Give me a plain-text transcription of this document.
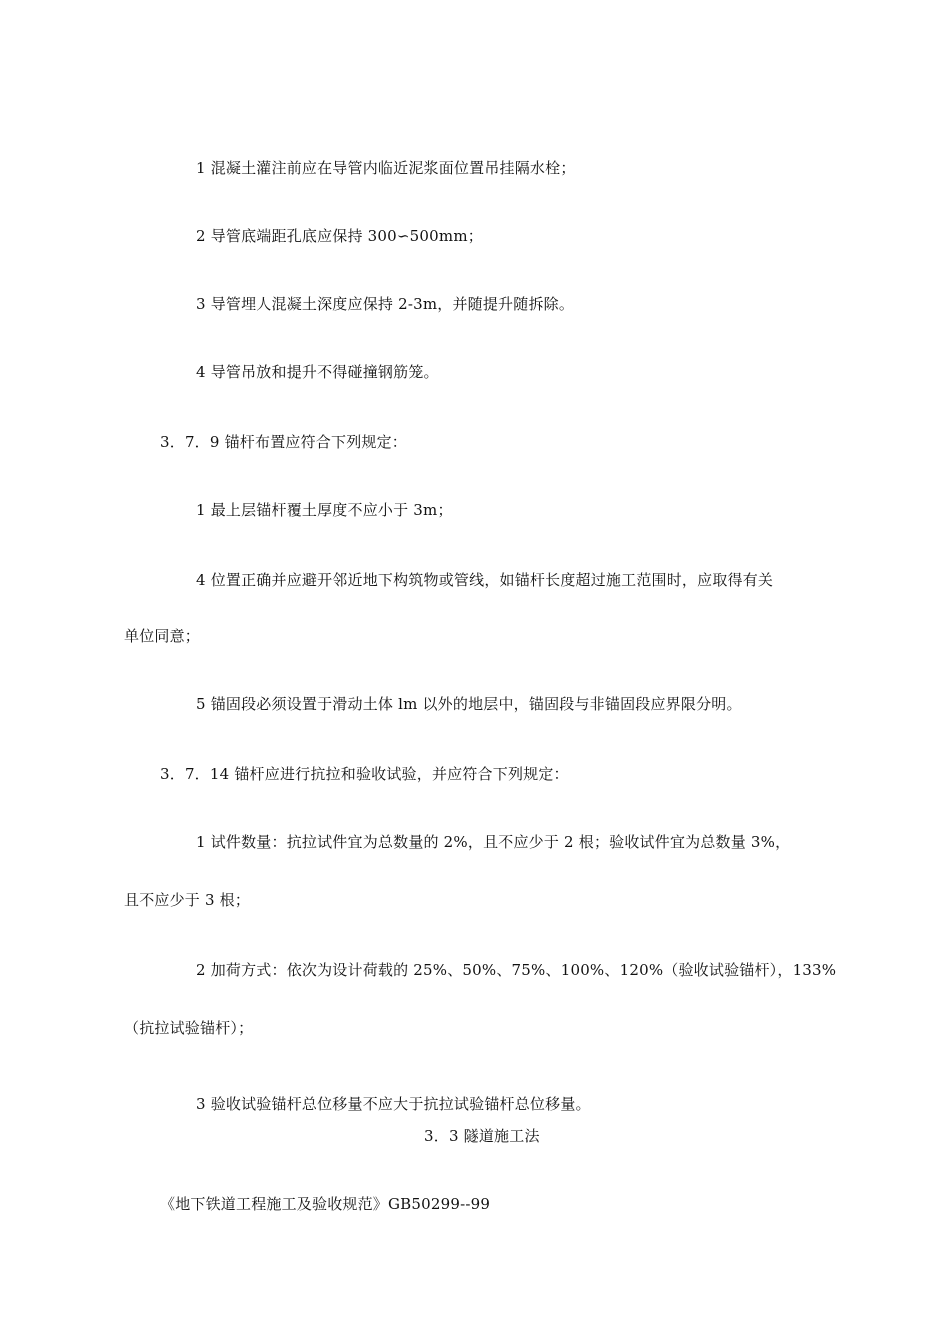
1 混凝土灌注前应在导管内临近泥浆面位置吊挂隔水栓；
2 导管底端距孔底应保持 300∽500mm；
3 导管埋人混凝土深度应保持 2-3m，并随提升随拆除。
4 导管吊放和提升不得碰撞钢筋笼。
3．7．9 锚杆布置应符合下列规定：
1 最上层锚杆覆土厚度不应小于 3m；
4 位置正确并应避开邻近地下构筑物或管线，如锚杆长度超过施工范围时，应取得有关
单位同意；
5 锚固段必须设置于滑动土体 lm 以外的地层中，锚固段与非锚固段应界限分明。
3．7．14 锚杆应进行抗拉和验收试验，并应符合下列规定：
1 试件数量：抗拉试件宜为总数量的 2%，且不应少于 2 根；验收试件宜为总数量 3%，
且不应少于 3 根；
2 加荷方式：依次为设计荷载的 25%、50%、75%、100%、120%（验收试验锚杆），133%
（抗拉试验锚杆）；
3 验收试验锚杆总位移量不应大于抗拉试验锚杆总位移量。
3．3 隧道施工法
《地下铁道工程施工及验收规范》GB50299--99
